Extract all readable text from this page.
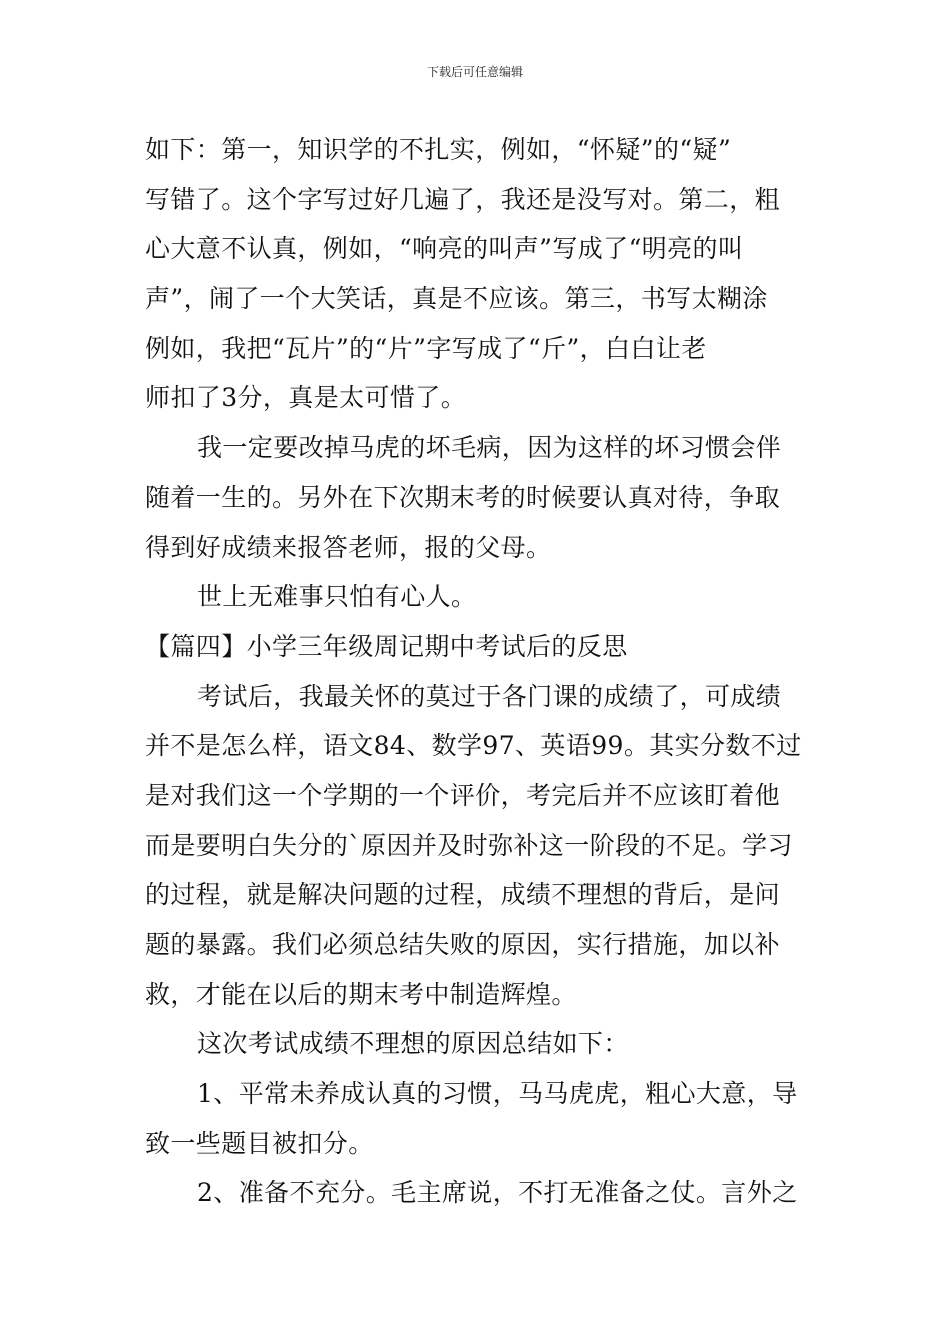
下载后可任意编辑
如下：第一，知识学的不扎实，例如，“怀疑”的“疑”
写错了。这个字写过好几遍了，我还是没写对。第二，粗
心大意不认真，例如，“响亮的叫声”写成了“明亮的叫
声”，闹了一个大笑话，真是不应该。第三，书写太糊涂
例如，我把“瓦片”的“片”字写成了“斤”，白白让老
师扣了3分，真是太可惜了。
我一定要改掉马虎的坏毛病，因为这样的坏习惯会伴
随着一生的。另外在下次期末考的时候要认真对待，争取
得到好成绩来报答老师，报的父母。
世上无难事只怕有心人。
【篇四】小学三年级周记期中考试后的反思
考试后，我最关怀的莫过于各门课的成绩了，可成绩
并不是怎么样，语文84、数学97、英语99。其实分数不过
是对我们这一个学期的一个评价，考完后并不应该盯着他
而是要明白失分的`原因并及时弥补这一阶段的不足。学习
的过程，就是解决问题的过程，成绩不理想的背后，是问
题的暴露。我们必须总结失败的原因，实行措施，加以补
救，才能在以后的期末考中制造辉煌。
这次考试成绩不理想的原因总结如下：
1、平常未养成认真的习惯，马马虎虎，粗心大意，导
致一些题目被扣分。
2、准备不充分。毛主席说，不打无准备之仗。言外之
